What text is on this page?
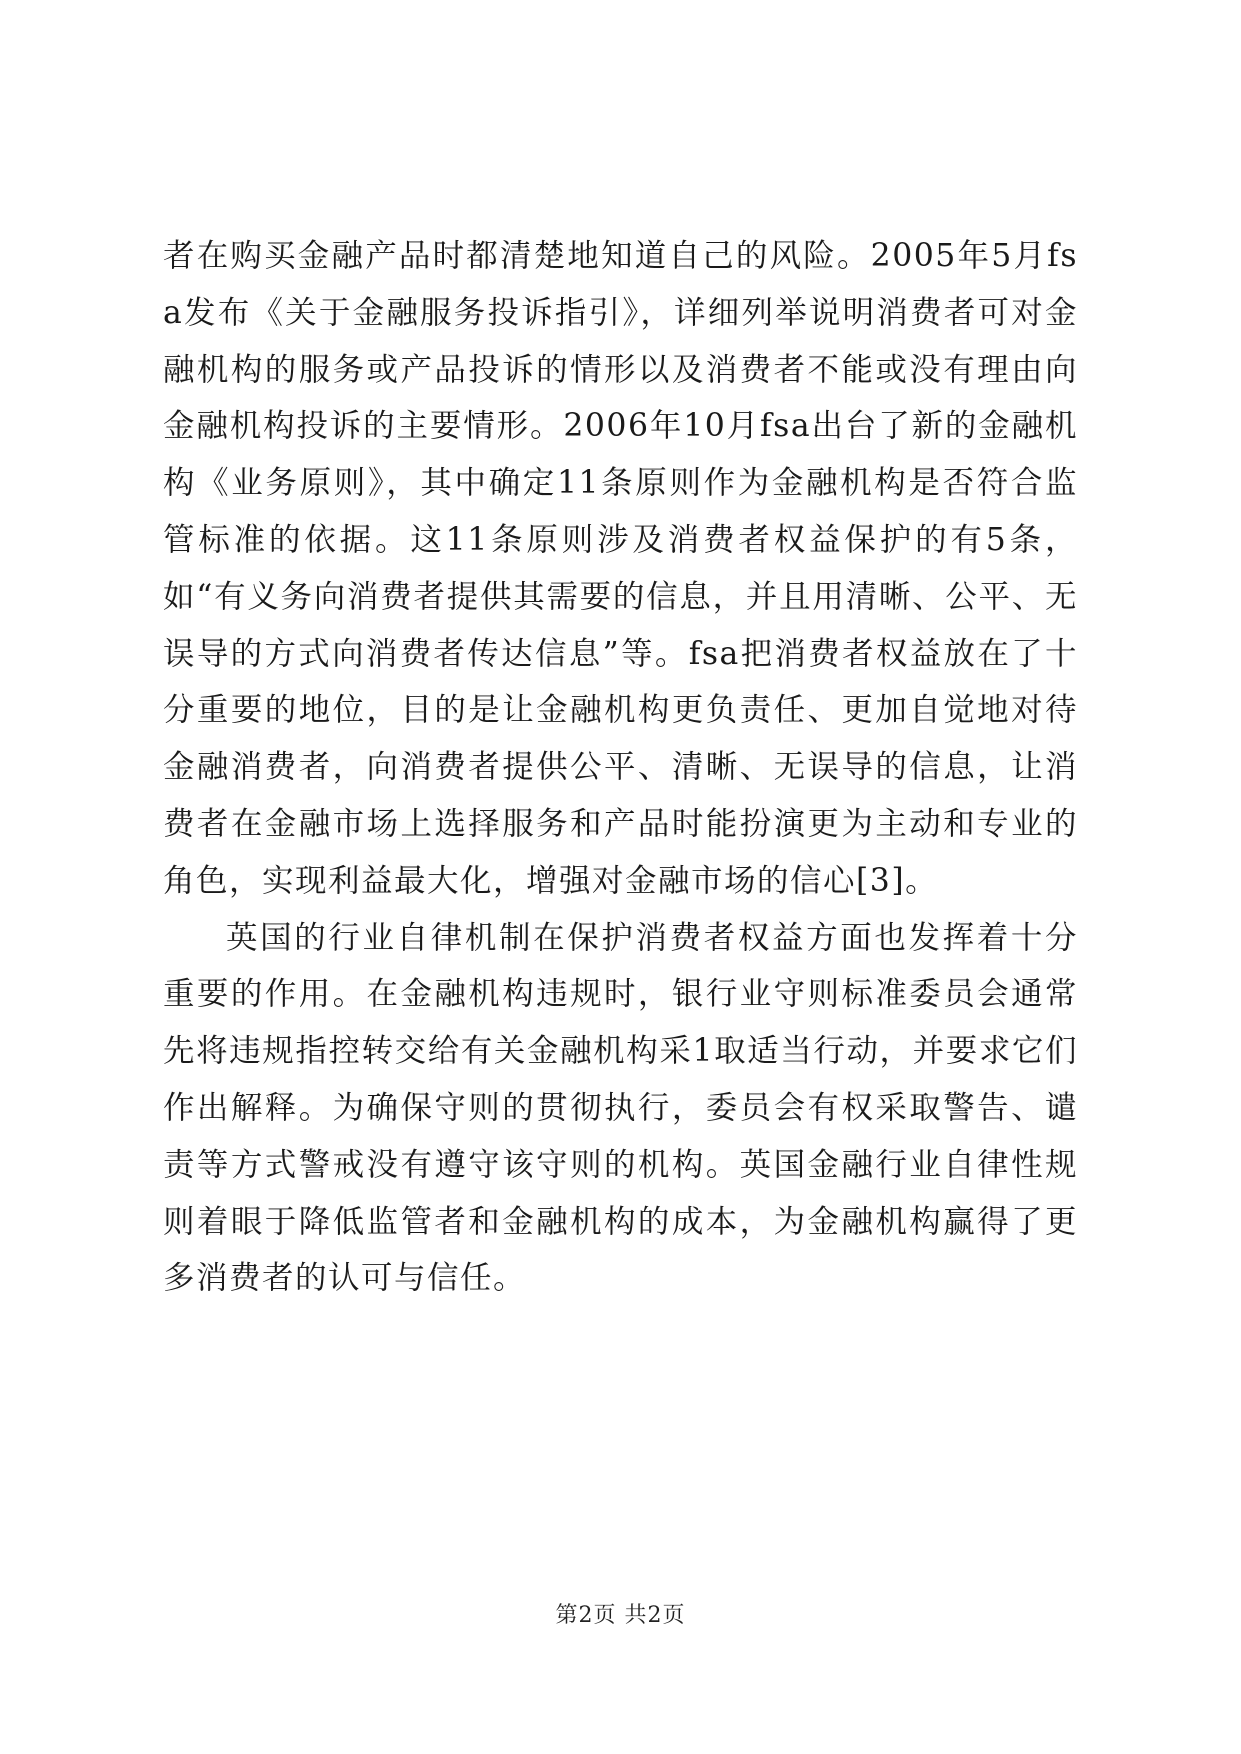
者在购买金融产品时都清楚地知道自己的风险。2005年5月fsa发布《关于金融服务投诉指引》，详细列举说明消费者可对金融机构的服务或产品投诉的情形以及消费者不能或没有理由向金融机构投诉的主要情形。2006年10月fsa出台了新的金融机构《业务原则》，其中确定11条原则作为金融机构是否符合监管标准的依据。这11条原则涉及消费者权益保护的有5条，如“有义务向消费者提供其需要的信息，并且用清晰、公平、无误导的方式向消费者传达信息”等。fsa把消费者权益放在了十分重要的地位，目的是让金融机构更负责任、更加自觉地对待金融消费者，向消费者提供公平、清晰、无误导的信息，让消费者在金融市场上选择服务和产品时能扮演更为主动和专业的角色，实现利益最大化，增强对金融市场的信心[3]。

英国的行业自律机制在保护消费者权益方面也发挥着十分重要的作用。在金融机构违规时，银行业守则标准委员会通常先将违规指控转交给有关金融机构采1取适当行动，并要求它们作出解释。为确保守则的贯彻执行，委员会有权采取警告、谴责等方式警戒没有遵守该守则的机构。英国金融行业自律性规则着眼于降低监管者和金融机构的成本，为金融机构赢得了更多消费者的认可与信任。

第2页 共2页
